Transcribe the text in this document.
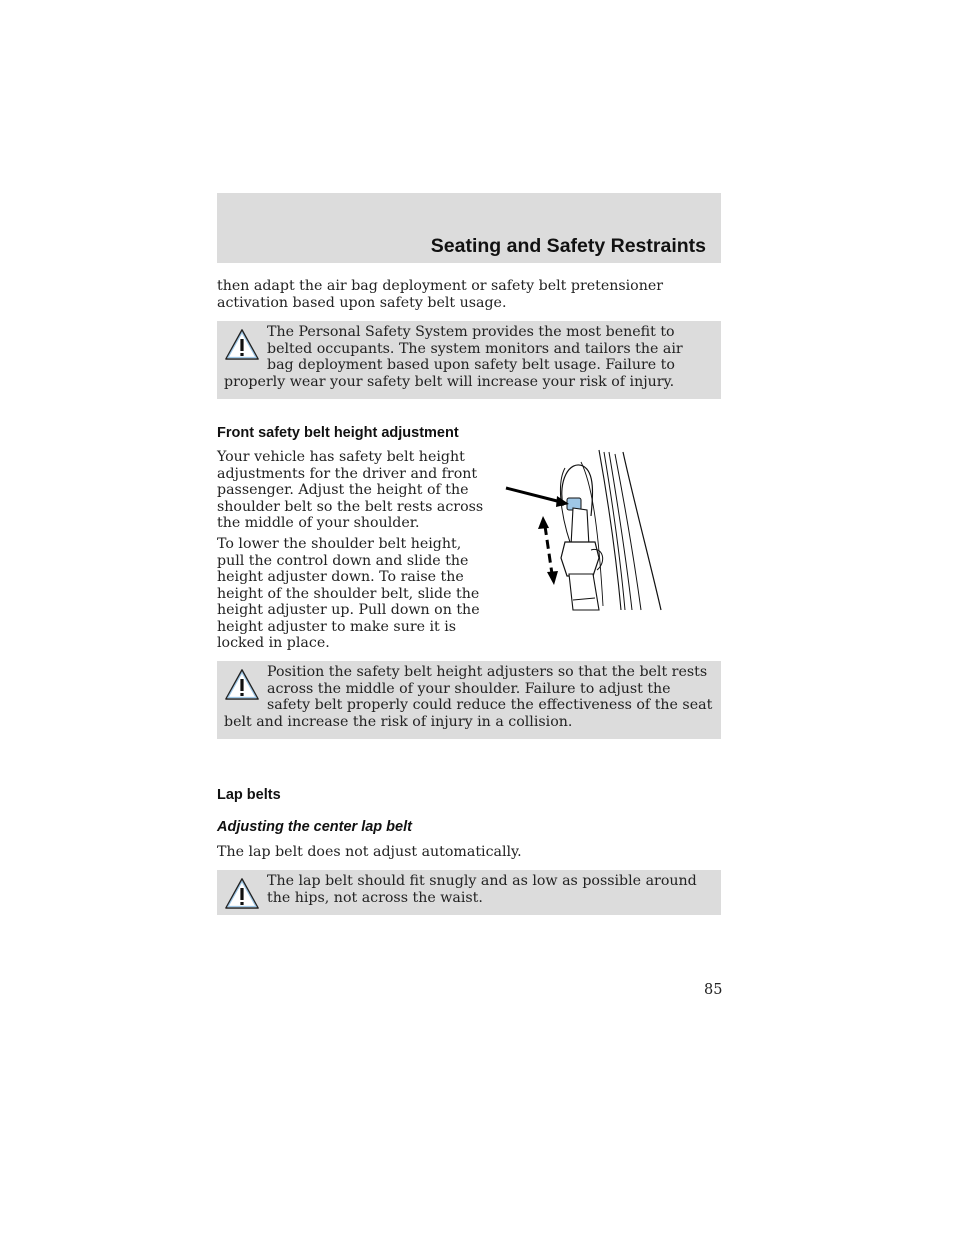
Seating and Safety Restraints
then adapt the air bag deployment or safety belt pretensioner activation based upon safety belt usage.

The Personal Safety System provides the most benefit to belted occupants. The system monitors and tailors the air bag deployment based upon safety belt usage. Failure to properly wear your safety belt will increase your risk of injury.

Front safety belt height adjustment
Your vehicle has safety belt height adjustments for the driver and front passenger. Adjust the height of the shoulder belt so the belt rests across the middle of your shoulder.
To lower the shoulder belt height, pull the control down and slide the height adjuster down. To raise the height of the shoulder belt, slide the height adjuster up. Pull down on the height adjuster to make sure it is locked in place.

Position the safety belt height adjusters so that the belt rests across the middle of your shoulder. Failure to adjust the safety belt properly could reduce the effectiveness of the seat belt and increase the risk of injury in a collision.

Lap belts
Adjusting the center lap belt
The lap belt does not adjust automatically.

The lap belt should fit snugly and as low as possible around the hips, not across the waist.

85
